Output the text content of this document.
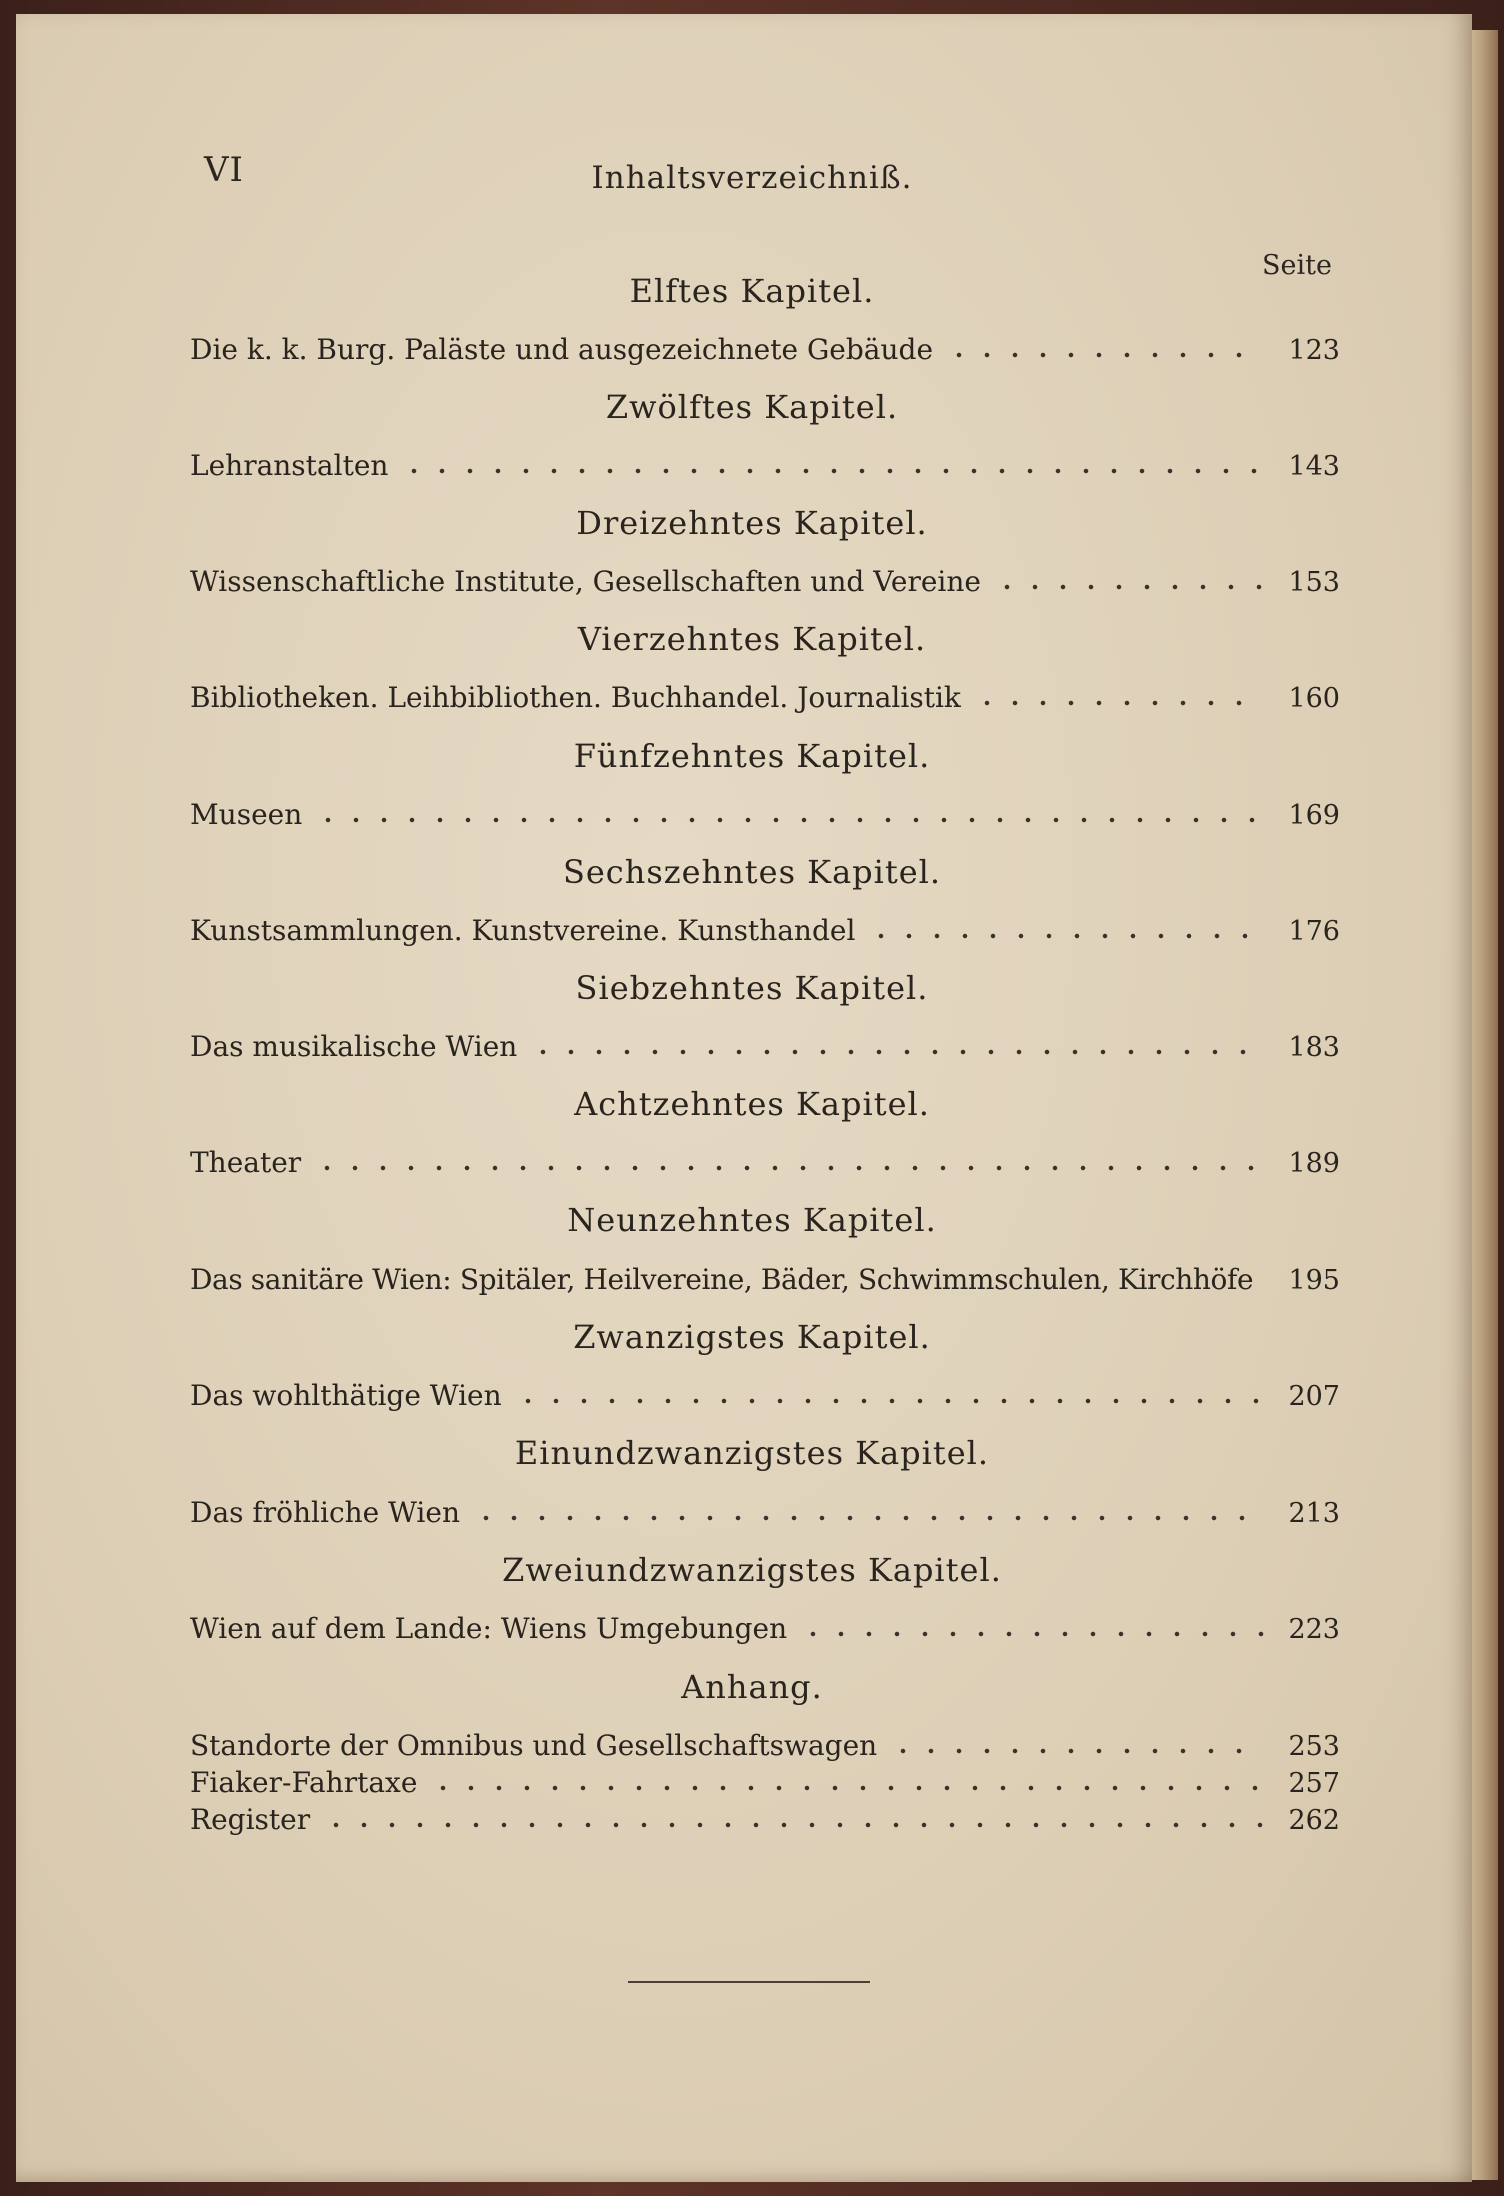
VI	Inhaltsverzeichniß.
Seite
Elftes Kapitel.
Die k. k. Burg. Paläste und ausgezeichnete Gebäude	123
Zwölftes Kapitel.
Lehranstalten	143
Dreizehntes Kapitel.
Wissenschaftliche Institute, Gesellschaften und Vereine	153
Vierzehntes Kapitel.
Bibliotheken. Leihbibliothen. Buchhandel. Journalistik	160
Fünfzehntes Kapitel.
Museen	169
Sechszehntes Kapitel.
Kunstsammlungen. Kunstvereine. Kunsthandel	176
Siebzehntes Kapitel.
Das musikalische Wien	183
Achtzehntes Kapitel.
Theater	189
Neunzehntes Kapitel.
Das sanitäre Wien: Spitäler, Heilvereine, Bäder, Schwimmschulen, Kirchhöfe	195
Zwanzigstes Kapitel.
Das wohlthätige Wien	207
Einundzwanzigstes Kapitel.
Das fröhliche Wien	213
Zweiundzwanzigstes Kapitel.
Wien auf dem Lande: Wiens Umgebungen	223
Anhang.
Standorte der Omnibus und Gesellschaftswagen	253
Fiaker-Fahrtaxe	257
Register	262
